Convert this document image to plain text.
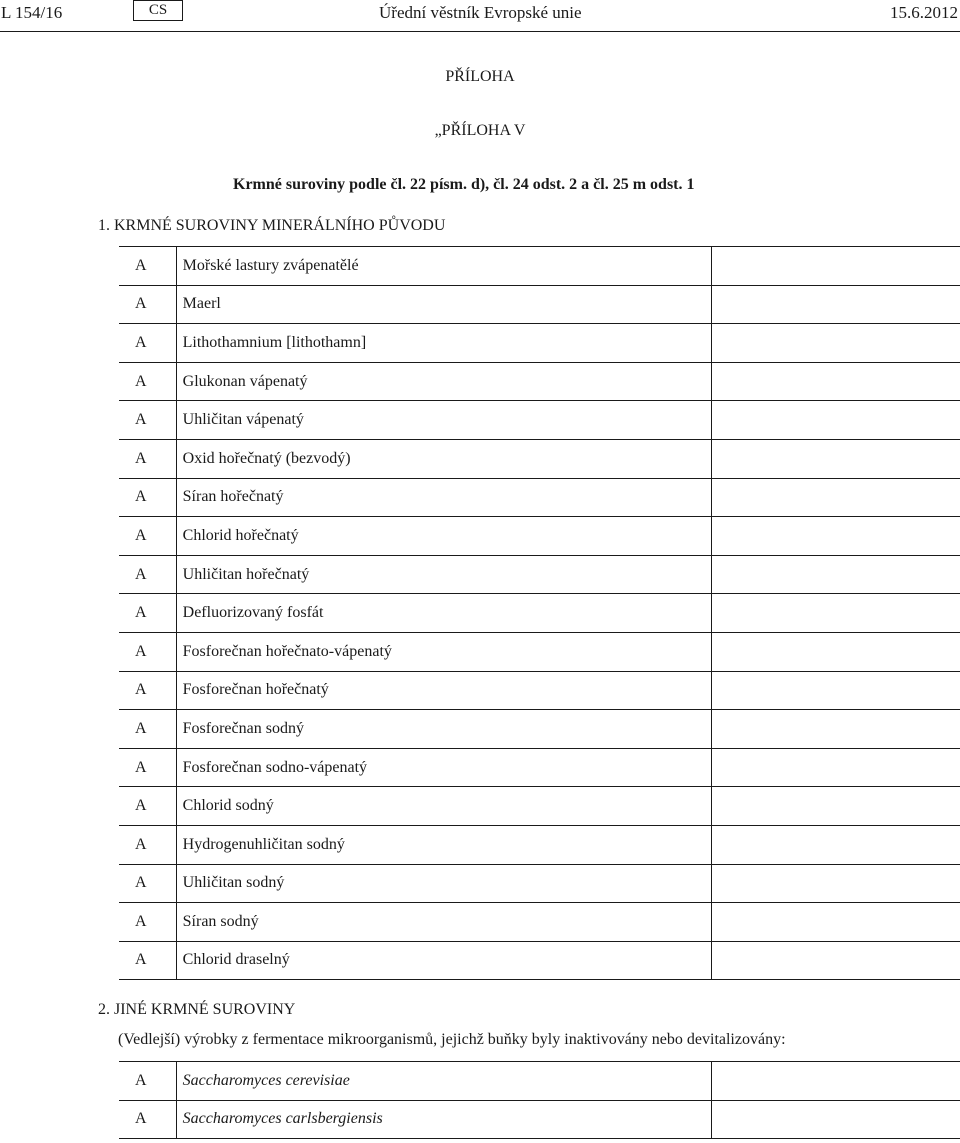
L 154/16	CS	Úřední věstník Evropské unie	15.6.2012
PŘÍLOHA
„PŘÍLOHA V
Krmné suroviny podle čl. 22 písm. d), čl. 24 odst. 2 a čl. 25 m odst. 1
1. KRMNÉ SUROVINY MINERÁLNÍHO PŮVODU
A	Mořské lastury zvápenatělé	
A	Maerl	
A	Lithothamnium [lithothamn]	
A	Glukonan vápenatý	
A	Uhličitan vápenatý	
A	Oxid hořečnatý (bezvodý)	
A	Síran hořečnatý	
A	Chlorid hořečnatý	
A	Uhličitan hořečnatý	
A	Defluorizovaný fosfát	
A	Fosforečnan hořečnato-vápenatý	
A	Fosforečnan hořečnatý	
A	Fosforečnan sodný	
A	Fosforečnan sodno-vápenatý	
A	Chlorid sodný	
A	Hydrogenuhličitan sodný	
A	Uhličitan sodný	
A	Síran sodný	
A	Chlorid draselný	
2. JINÉ KRMNÉ SUROVINY
(Vedlejší) výrobky z fermentace mikroorganismů, jejichž buňky byly inaktivovány nebo devitalizovány:
A	Saccharomyces cerevisiae	
A	Saccharomyces carlsbergiensis	
